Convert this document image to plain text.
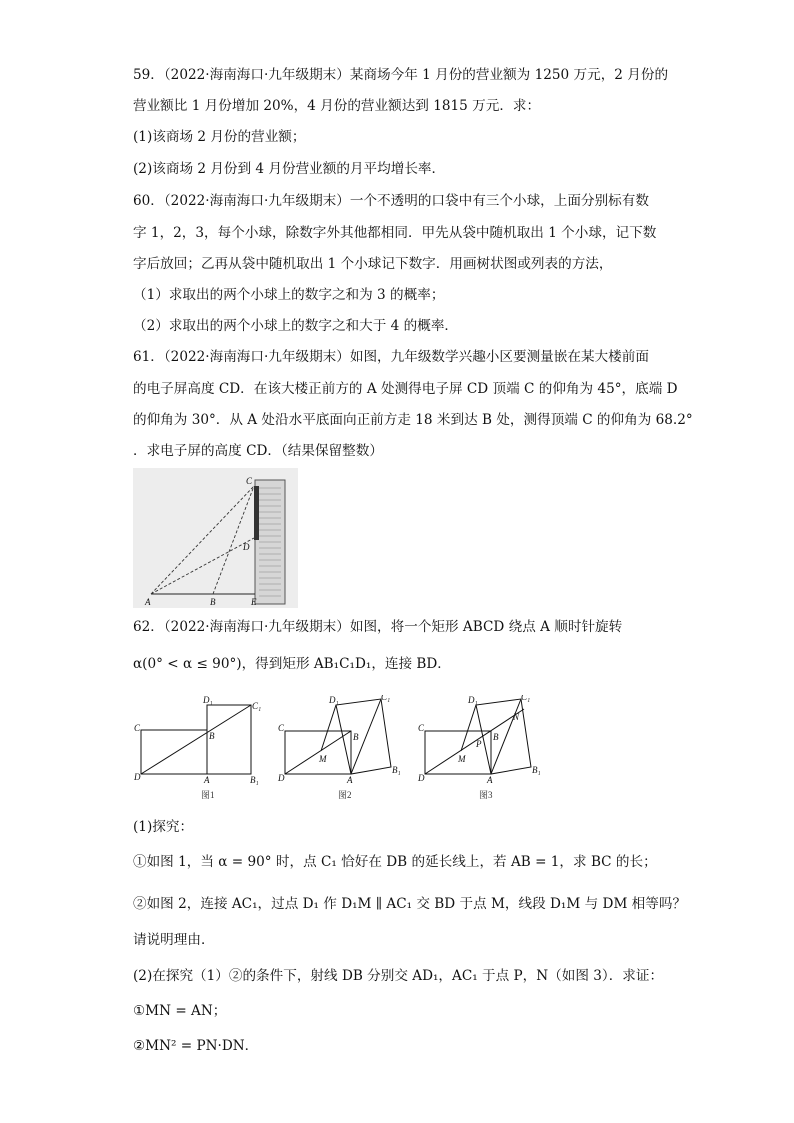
59．（2022·海南海口·九年级期末）某商场今年 1 月份的营业额为 1250 万元，2 月份的
营业额比 1 月份增加 20%，4 月份的营业额达到 1815 万元．求：
(1)该商场 2 月份的营业额；
(2)该商场 2 月份到 4 月份营业额的月平均增长率．
60．（2022·海南海口·九年级期末）一个不透明的口袋中有三个小球，上面分别标有数
字 1，2，3，每个小球，除数字外其他都相同．甲先从袋中随机取出 1 个小球，记下数
字后放回；乙再从袋中随机取出 1 个小球记下数字．用画树状图或列表的方法，
（1）求取出的两个小球上的数字之和为 3 的概率；
（2）求取出的两个小球上的数字之和大于 4 的概率．
61．（2022·海南海口·九年级期末）如图，九年级数学兴趣小区要测量嵌在某大楼前面
的电子屏高度 CD．在该大楼正前方的 A 处测得电子屏 CD 顶端 C 的仰角为 45°，底端 D
的仰角为 30°．从 A 处沿水平底面向正前方走 18 米到达 B 处，测得顶端 C 的仰角为 68.2°
．求电子屏的高度 CD．（结果保留整数）
62．（2022·海南海口·九年级期末）如图，将一个矩形 ABCD 绕点 A 顺时针旋转
α(0° < α ≤ 90°)，得到矩形 AB₁C₁D₁，连接 BD．
(1)探究：
①如图 1，当 α = 90° 时，点 C₁ 恰好在 DB 的延长线上，若 AB = 1，求 BC 的长；
②如图 2，连接 AC₁，过点 D₁ 作 D₁M ∥ AC₁ 交 BD 于点 M，线段 D₁M 与 DM 相等吗？
请说明理由．
(2)在探究（1）②的条件下，射线 DB 分别交 AD₁，AC₁ 于点 P，N（如图 3）．求证：
①MN = AN；
②MN² = PN·DN．
C
D
A	B	E
D₁
C₁
C
B
D	A	B₁
图1
D₁	C₁
C
B
M
D	A
B₁
图2
D₁	C₁
N
C
B
P
M
D	A
B₁
图3
